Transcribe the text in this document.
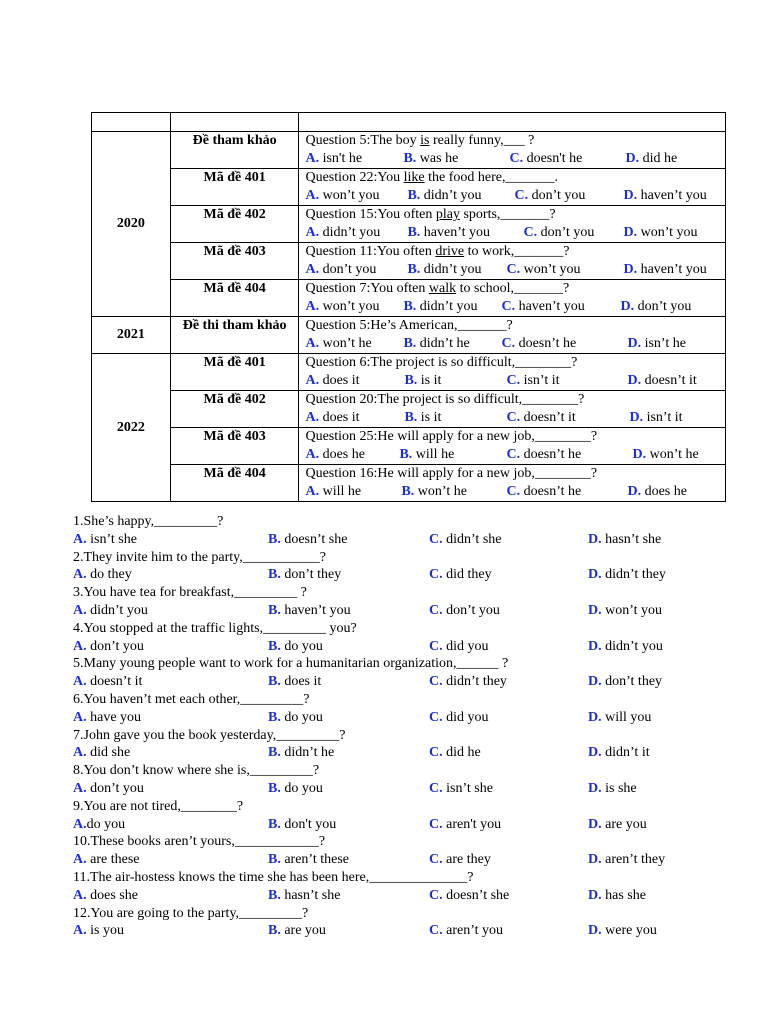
2020	Đề tham khảo	Question 5:The boy is really funny,___ ?
A. isn't he B. was he C. doesn't he D. did he

	Mã đề 401	Question 22:You like the food here,_______.
A. won’t you B. didn’t you C. don’t you D. haven’t you

	Mã đề 402	Question 15:You often play sports,_______?
A. didn’t you B. haven’t you C. don’t you D. won’t you

	Mã đề 403	Question 11:You often drive to work,_______?
A. don’t you B. didn’t you C. won’t you D. haven’t you

	Mã đề 404	Question 7:You often walk to school,_______?
A. won’t you B. didn’t you C. haven’t you D. don’t you

2021	Đề thi tham khảo	Question 5:He’s American,_______?
A. won’t he B. didn’t he C. doesn’t he D. isn’t he

2022	Mã đề 401	Question 6:The project is so difficult,________?
A. does it B. is it C. isn’t it D. doesn’t it

	Mã đề 402	Question 20:The project is so difficult,________?
A. does it B. is it C. doesn’t it D. isn’t it

	Mã đề 403	Question 25:He will apply for a new job,________?
A. does he B. will he C. doesn’t he D. won’t he

	Mã đề 404	Question 16:He will apply for a new job,________?
A. will he B. won’t he C. doesn’t he D. does he
1.She’s happy,_________?
A. isn’t she	B. doesn’t she	C. didn’t she	D. hasn’t she
2.They invite him to the party,___________?
A. do they	B. don’t they	C. did they	D. didn’t they
3.You have tea for breakfast,_________ ?
A. didn’t you	B. haven’t you	C. don’t you	D. won’t you
4.You stopped at the traffic lights,_________ you?
A. don’t you	B. do you	C. did you	D. didn’t you
5.Many young people want to work for a humanitarian organization,______ ?
A. doesn’t it	B. does it	C. didn’t they	D. don’t they
6.You haven’t met each other,_________?
A. have you	B. do you	C. did you	D. will you
7.John gave you the book yesterday,_________?
A. did she	B. didn’t he	C. did he	D. didn’t it
8.You don’t know where she is,_________?
A. don’t you	B. do you	C. isn’t she	D. is she
9.You are not tired,________?
A.do you	B. don't you	C. aren't you	D. are you
10.These books aren’t yours,____________?
A. are these	B. aren’t these	C. are they	D. aren’t they
11.The air-hostess knows the time she has been here,______________?
A. does she	B. hasn’t she	C. doesn’t she	D. has she
12.You are going to the party,_________?
A. is you	B. are you	C. aren’t you	D. were you
